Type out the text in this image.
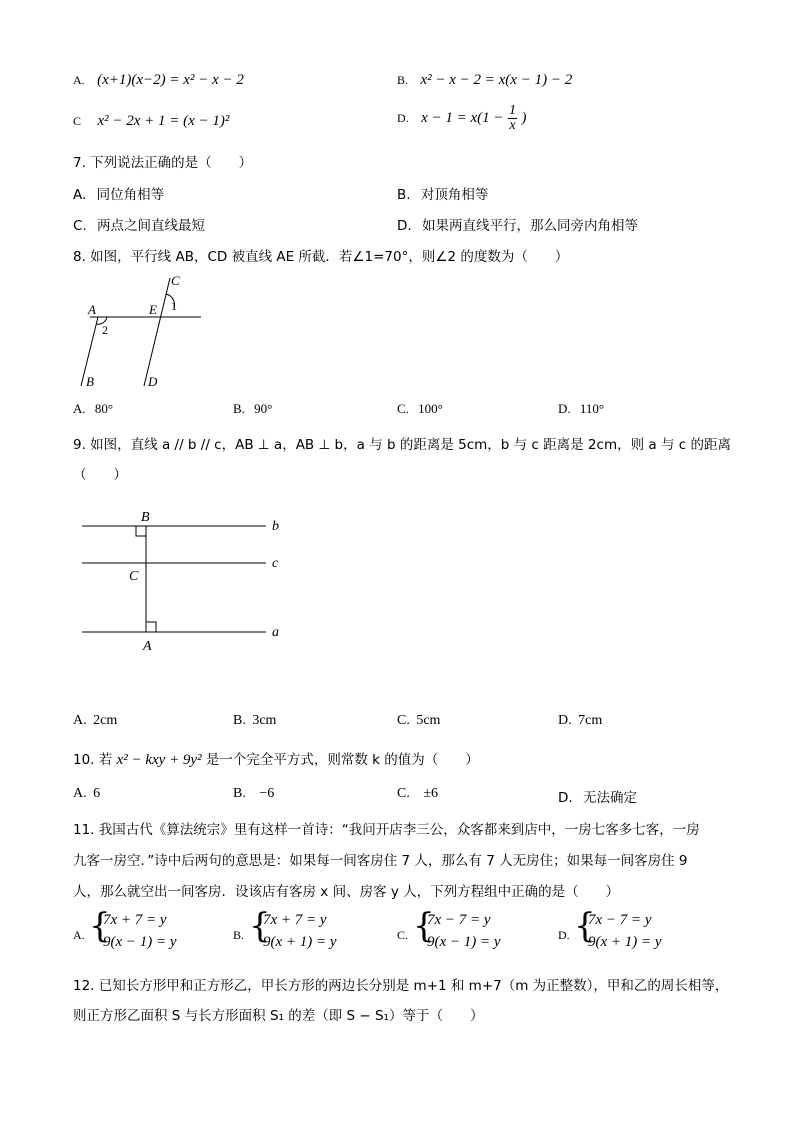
A. (x+1)(x−2) = x² − x − 2	B. x² − x − 2 = x(x − 1) − 2
C x² − 2x + 1 = (x − 1)²	D. $x - 1 = x(1 - \frac{1}{x}$ )
7. 下列说法正确的是（　　）
A. 同位角相等	B. 对顶角相等
C. 两点之间直线最短	D. 如果两直线平行，那么同旁内角相等
8. 如图，平行线 AB，CD 被直线 AE 所截．若∠1=70°，则∠2 的度数为（　　）
A	E
C
1
2
B	D
A. 80°	B. 90°	C. 100°	D. 110°
9. 如图，直线 a // b // c，AB ⊥ a，AB ⊥ b，a 与 b 的距离是 5cm，b 与 c 距离是 2cm，则 a 与 c 的距离
（　　）
B
C
A
b
c
a
A. 2cm	B. 3cm	C. 5cm	D. 7cm
10. 若 x² − kxy + 9y² 是一个完全平方式，则常数 k 的值为（　　）
A. 6	B. −6	C. ±6	D. 无法确定
11. 我国古代《算法统宗》里有这样一首诗：“我问开店李三公，众客都来到店中，一房七客多七客，一房
九客一房空．”诗中后两句的意思是：如果每一间客房住 7 人，那么有 7 人无房住；如果每一间客房住 9
人，那么就空出一间客房．设该店有客房 x 间、房客 y 人，下列方程组中正确的是（　　）
A. {
7x + 7 = y
9(x − 1) = y	B. {
7x + 7 = y
9(x + 1) = y	C. {
7x − 7 = y
9(x − 1) = y	D. {
7x − 7 = y
9(x + 1) = y
12. 已知长方形甲和正方形乙，甲长方形的两边长分别是 m+1 和 m+7（m 为正整数），甲和乙的周长相等，
则正方形乙面积 S 与长方形面积 S₁ 的差（即 S − S₁）等于（　　）
